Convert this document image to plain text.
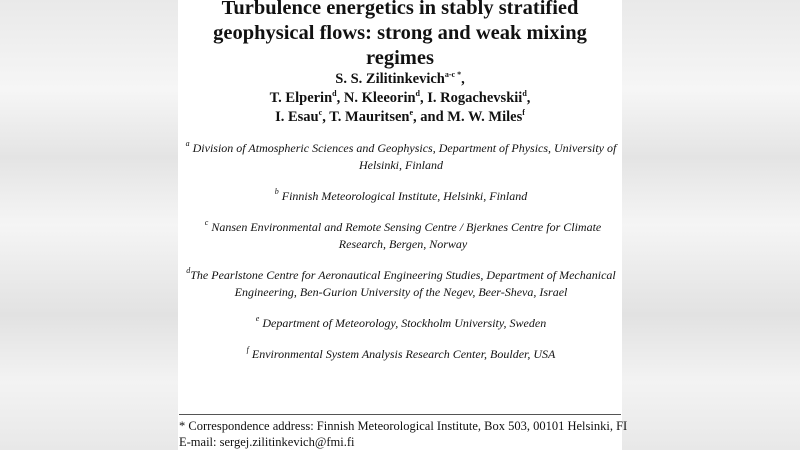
Turbulence energetics in stably stratified
geophysical flows: strong and weak mixing regimes
S. S. Zilitinkevich$^{a-c *}$,
T. Elperin$^d$, N. Kleeorin$^d$, I. Rogachevskii$^d$,
I. Esau$^c$, T. Mauritsen$^e$, and M. W. Miles$^f$
$^a$ Division of Atmospheric Sciences and Geophysics, Department of Physics, University of Helsinki, Finland
$^b$ Finnish Meteorological Institute, Helsinki, Finland
$^c$ Nansen Environmental and Remote Sensing Centre / Bjerknes Centre for Climate Research, Bergen, Norway
$^d$The Pearlstone Centre for Aeronautical Engineering Studies, Department of Mechanical Engineering, Ben-Gurion University of the Negev, Beer-Sheva, Israel
$^e$ Department of Meteorology, Stockholm University, Sweden
$^f$ Environmental System Analysis Research Center, Boulder, USA
* Correspondence address: Finnish Meteorological Institute, Box 503, 00101 Helsinki, FI
E-mail: sergej.zilitinkevich@fmi.fi
